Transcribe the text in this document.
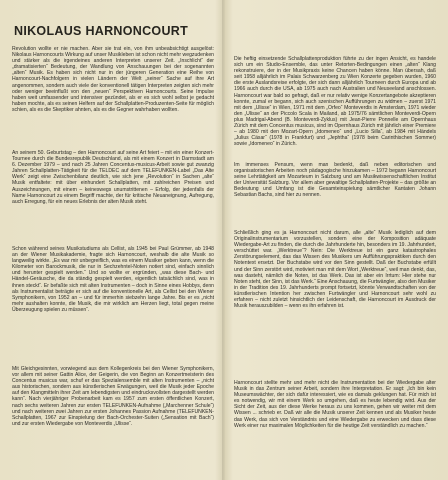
NIKOLAUS HARNONCOURT

Revolution wollte er nie machen. Aber sie trat ein, von ihm unbeabsichtigt ausgelöst: Nikolaus Harnoncourts Wirkung auf unser Musikleben ist schon nicht mehr wegzudenken und stärker als die irgendeines anderen Interpreten unserer Zeit. „Inschlicht“ der „dramatisierten“ Bedeutung, der Wandlung von Anschauungen bei der sogenannten „alten“ Musik. Es haben sich nicht nur in der jüngeren Generation eine Reihe von Harnoncourt-Nachfolgern in vielen Ländern der Welt „seiner“ Sache auf ihre Art angenommen, sondern auch viele der konventionell tätigen Interpreten zeigten sich mehr oder weniger beeinflußt von den „neuen“ Perspektiven Harnoncourts. Seine Impulse haben weit umfassender und intensiver gezündet, als er es sich wohl selbst je gedacht haben mochte, als es seinen Helfern auf der Schallplatten-Produzenten-Seite für möglich schien, als es die Skeptiker ahnten, als es die Gegner wahrhaben wollten.

An seinem 50. Geburtstag – den Harnoncourt auf seine Art feiert – mit ein einer Konzert-Tournee durch die Bundesrepublik Deutschland, als mit einem Konzert in Darmstadt am 6. Dezember 1979 – und nach 25 Jahren Concentus-musicus-Arbeit sowie gut zwanzig Jahren Schallplatten-Tätigkeit für die TELDEC auf dem TELEFUNKEN-Label „Das Alte Werk“ zeigt eine Zwischenbilanz deutlich, wie sich jene „Revolution“ in Sachen „alte“ Musik entfaltete: mit über einhundert Schallplatten, mit zahlreichen Preisen und Auszeichnungen, mit einem – keineswegs unumstrittenen – Erfolg, der jedenfalls der Name Harnoncourt zu einem Begriff machte, der für kritische Neuaneignung, Aufregung, auch Erregung, für ein neues Erlebnis der alten Musik steht.

Schon während seines Musikstudiums als Cellist, als 1945 bei Paul Grümmer, ab 1948 an der Wiener Musikakademie, fragte sich Harnoncourt, weshalb die alte Musik so langweilig wirkte. „Es war mir unbegreiflich, was es einem Musiker geben kann, wenn die Kilometer von Barockmusik, die nur in Sechzehntel-Noten notiert sind, einfach sinnlich und herunter gespielt werden.“ Und so wollte er ergründen, „was diese Bach- und Händel-Geräusche, die da ständig gespielt werden, eigentlich tatsächlich sind, was in ihnen steckt“. Er befaßte sich mit alten Instrumenten – doch in Sinne eines Hobbys, denn als Instrumentalist beträgte er sich auf die konventionelle Art, als Cellist bei den Wiener Symphonikern, von 1952 an – und für immerhin siebzehn lange Jahre. Bis er es „nicht mehr aushalten konnte, die Musik, die mir wirklich am Herzen liegt, total gegen meine Überzeugung spielen zu müssen“.

Mit Gleichgesinnten, vorwiegend aus dem Kollegenkreis bei den Wiener Symphonikern, vor allem mit seiner Gattin Alice, der Geigerin, die von Beginn an Konzertmeisterin des Concentus musicus war, schuf er das Spezialensemble mit alten Instrumenten – „nicht aus historischen, sondern aus künstlerischen Erwägungen, weil die Musik jeder Epoche auf den Klangmitteln ihrer Zeit am lebendigsten und eindrucksvollsten dargestellt werden kann“. Nach vierjähriger Probenarbeit kam es 1957 zum ersten öffentlichen Konzert, nach sechs weiteren Jahren zur ersten TELEFUNKEN-Aufnahme („Marchenner Schule“) und nach weiteren zwei Jahren zur ersten Johannes Passion Aufnahme (TELEFUNKEN-Schallplatten, 1967 zur Einspielung der Bach-Orchester-Suiten („Sensation mit Bach“) und zur ersten Wiedergabe von Monteverdis „Ulisse“.

Die heftig einsetzende Schallplattenproduktion führte zu der ingen Ansicht, es handele sich um ein Studio-Ensemble, das unter Retorten-Bedingungen einen „alten“ Klang rekonstruiere, der in der Musikpraxis keine Chancen haben könne. Man übersah, daß seit 1958 alljährlich im Palais Schwarzenberg zu Wien Konzerte gegeben wurden, 1960 die erste Auslandsreise erfolgte, der sich dann alljährlich Tourneen durch Europa und ab 1966 auch durch die USA, ab 1975 auch nach Australien und Neuseeland anschlossen. Harnoncourt war bald so gefragt, daß er nur relativ wenige Konzertangebote akzeptieren konnte, zumal er begann, sich auch szenischen Aufführungen zu widmen – zuerst 1971 mit dem „Ulisse“ in Wien, 1971 mit dem „Orfeo“ Monteverdis in Amsterdam, 1971 wieder den „Ulisse“ an der Piccolo Scala in Mailand, ab 1975/76 sämtlichen Monteverdi-Opern plus Madrigal-Abend (B. Monteverdi-Zyklus) mit Jean-Pierre Ponnelle am Opernhaus Zürich mit dem Concentus musicus, sind im Opernhaus Zürich mit jährlich einer Premiere – ab 1980 mit den Mozart-Opern „Idomeneo“ und „Lucio Silla“, ab 1984 mit Händels „Julius Cäsar“ (1978 in Frankfurt) und „Jephtha“ (1978 beim Carinthischen Sommer) sowie „Idomeneo“ in Zürich.

Im immenses Pensum, wenn man bedenkt, daß neben editorischen und organisatorischen Arbeiten noch pädagogische hinzukamen – 1972 begann Harnoncourt seine Lehrtätigkeit am Mozarteum in Salzburg und am Musikwissenschaftlichen Institut der Universität Salzburg. Vor allem aber gewaltige Schallplatten-Projekte – das größte an Bedeutung und Umfang ist die Gesamteinspielung sämtlicher Kantaten Johann Sebastian Bachs, sind hier zu nennen.

Schließlich ging es ja Harnoncourt nicht darum, alle „alte“ Musik lediglich auf dem Originalinstrumentarium vorzustellen, sondern eine der Komposition adäquate Wiedergabe-Art zu finden, die durch die Jahrhunderte hin, besonders im 19. Jahrhundert, verschüttet war. „Werktreue“? Nein: Die Werktreue ist ein ganz katastrophales Zerstörungselement, das das Wissen des Musikers um Aufführungspraktiken durch den Notentext ersetzt. Der Buchstabe wird vor den Sinn gestellt. Daß der Buchstabe erfüllt und der Sinn zerstört wird, motiviert man mit dem Wort „Werktreue“, weil man denkt, das, was dasteht, nämlich die Noten, ist das Werk. Das ist aber ein Irrtum: Hier stehe nur Noten steht, der Sinn, ist das Werk.“ Eine Anschauung, die Furtwängler, also den Musiker in der Tradition des 19. Jahrhunderts prompt fortsetzt, könnte Verwandtschaften von der künstlerischen Intention her zwischen Furtwängler und Harnoncourt sehr wohl zu erfahren – nicht zuletzt hinsichtlich der Leidenschaft, die Harnoncourt im Ausdruck der Musik herauszubilden – wenn es ihn erfahren ist.

Harnoncourt stellte mehr und mehr nicht die Instrumentation bei der Wiedergabe alter Musik in das Zentrum seiner Arbeit, sondern ihre Interpretation. Er sagt: „Ich bin kein Museumswächter, der sich dafür interessiert, wie es damals geklungen hat. Für mich ist es notwendig, wir mit einem Werk so umgehen, daß es heute lebendig wird. Aus der Sicht der Zeit, aus der diese Werke heraus zu uns kommen, gehen wir weiter mit dem Wissen ... schrieb er. Daß wir alle die Musik unserer Zeit kennen und als Musiker heute das Werk, das sich von Verständnis und eine Wiedergabe zu erwecken und dass diese Werk einer nur maximalen Möglichkeiten für die heutige Zeit verständlich zu machen.“
